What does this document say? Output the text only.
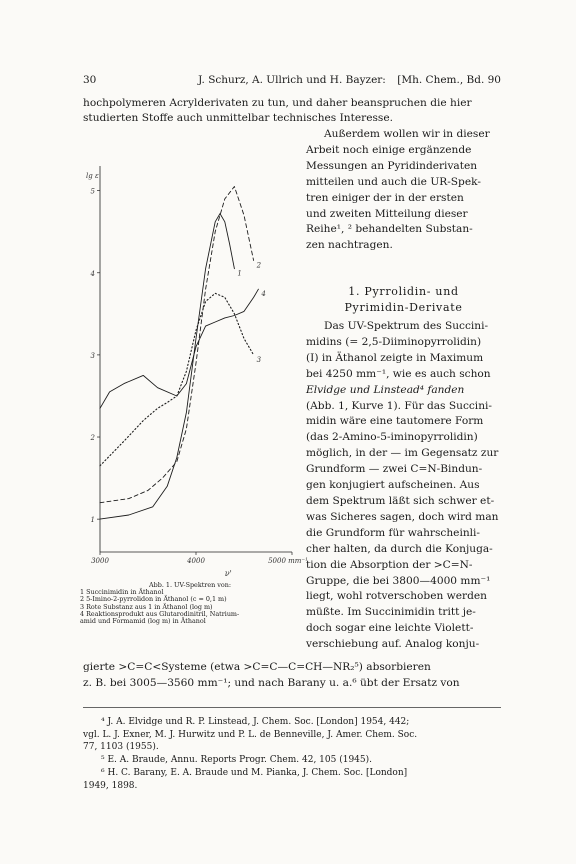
30	J. Schurz, A. Ullrich und H. Bayzer:	[Mh. Chem., Bd. 90
hochpolymeren Acrylderivaten zu tun, und daher beanspruchen die hier
studierten Stoffe auch unmittelbar technisches Interesse.
Außerdem wollen wir in dieser
Arbeit noch einige ergänzende
Messungen an Pyridinderivaten
mitteilen und auch die UR-Spek-
tren einiger der in der ersten
und zweiten Mitteilung dieser
Reihe¹, ² behandelten Substan-
zen nachtragen.
1. Pyrrolidin- und
Pyrimidin-Derivate
Das UV-Spektrum des Succini-
midins (= 2,5-Diiminopyrrolidin)
(I) in Äthanol zeigte in Maximum
bei 4250 mm⁻¹, wie es auch schon
Elvidge und Linstead⁴ fanden
(Abb. 1, Kurve 1). Für das Succini-
midin wäre eine tautomere Form
(das 2-Amino-5-iminopyrrolidin)
möglich, in der — im Gegensatz zur
Grundform — zwei C=N-Bindun-
gen konjugiert aufscheinen. Aus
dem Spektrum läßt sich schwer et-
was Sicheres sagen, doch wird man
die Grundform für wahrscheinli-
cher halten, da durch die Konjuga-
tion die Absorption der >C=N-
Gruppe, die bei 3800—4000 mm⁻¹
liegt, wohl rotverschoben werden
müßte. Im Succinimidin tritt je-
doch sogar eine leichte Violett-
verschiebung auf. Analog konju-
1
2
3
4
5
3000	4000	5000 mm⁻¹
lg ε
ν'
1
2
3
4
Abb. 1. UV-Spektren von:
1 Succinimidin in Äthanol
2 5-Imino-2-pyrrolidon in Äthanol (c = 0,1 m)
3 Rote Substanz aus 1 in Äthanol (log m)
4 Reaktionsprodukt aus Glutarodinitril, Natrium-
amid und Formamid (log m) in Äthanol
gierte >C=C<Systeme (etwa >C=C—C=CH—NR₂⁵) absorbieren
z. B. bei 3005—3560 mm⁻¹; und nach Barany u. a.⁶ übt der Ersatz von
⁴ J. A. Elvidge und R. P. Linstead, J. Chem. Soc. [London] 1954, 442;
vgl. L. J. Exner, M. J. Hurwitz und P. L. de Benneville, J. Amer. Chem. Soc.
77, 1103 (1955).
⁵ E. A. Braude, Annu. Reports Progr. Chem. 42, 105 (1945).
⁶ H. C. Barany, E. A. Braude und M. Pianka, J. Chem. Soc. [London]
1949, 1898.
